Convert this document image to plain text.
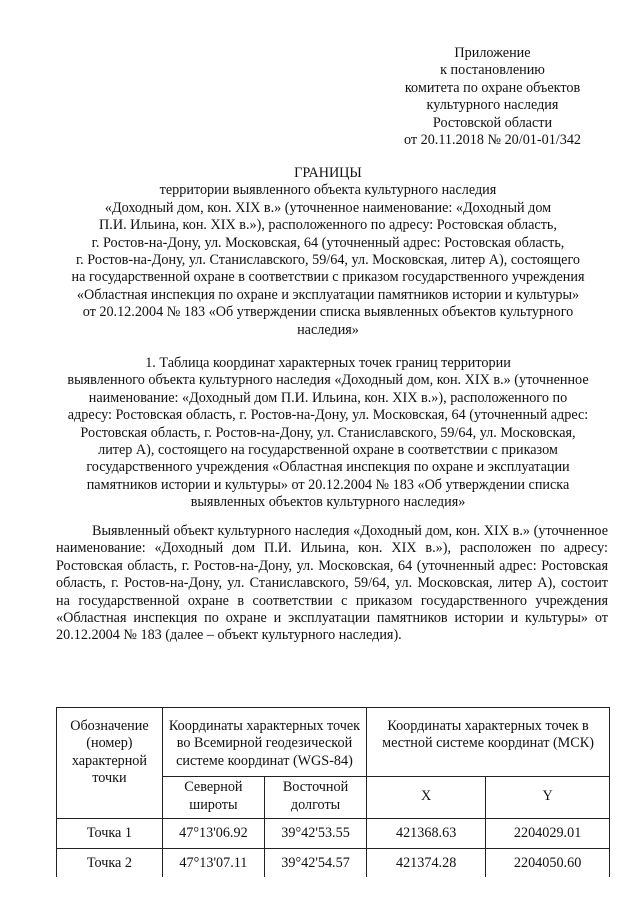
Приложение
к постановлению
комитета по охране объектов
культурного наследия
Ростовской области
от 20.11.2018 № 20/01-01/342
ГРАНИЦЫ
территории выявленного объекта культурного наследия
«Доходный дом, кон. XIX в.» (уточненное наименование: «Доходный дом
П.И. Ильина, кон. XIX в.»), расположенного по адресу: Ростовская область,
г. Ростов-на-Дону, ул. Московская, 64 (уточненный адрес: Ростовская область,
г. Ростов-на-Дону, ул. Станиславского, 59/64, ул. Московская, литер А), состоящего
на государственной охране в соответствии с приказом государственного учреждения
«Областная инспекция по охране и эксплуатации памятников истории и культуры»
от 20.12.2004 № 183 «Об утверждении списка выявленных объектов культурного
наследия»
1. Таблица координат характерных точек границ территории
выявленного объекта культурного наследия «Доходный дом, кон. XIX в.» (уточненное
наименование: «Доходный дом П.И. Ильина, кон. XIX в.»), расположенного по
адресу: Ростовская область, г. Ростов-на-Дону, ул. Московская, 64 (уточненный адрес:
Ростовская область, г. Ростов-на-Дону, ул. Станиславского, 59/64, ул. Московская,
литер А), состоящего на государственной охране в соответствии с приказом
государственного учреждения «Областная инспекция по охране и эксплуатации
памятников истории и культуры» от 20.12.2004 № 183 «Об утверждении списка
выявленных объектов культурного наследия»
Выявленный объект культурного наследия «Доходный дом, кон. XIX в.» (уточненное наименование: «Доходный дом П.И. Ильина, кон. XIX в.»), расположен по адресу: Ростовская область, г. Ростов-на-Дону, ул. Московская, 64 (уточненный адрес: Ростовская область, г. Ростов-на-Дону, ул. Станиславского, 59/64, ул. Московская, литер А), состоит на государственной охране в соответствии с приказом государственного учреждения «Областная инспекция по охране и эксплуатации памятников истории и культуры» от 20.12.2004 № 183 (далее – объект культурного наследия).
Обозначение (номер) характерной точки	Координаты характерных точек во Всемирной геодезической системе координат (WGS-84)		Координаты характерных точек в местной системе координат (МСК)	
	Северной широты	Восточной долготы	X	Y
Точка 1	47°13'06.92	39°42'53.55	421368.63	2204029.01
Точка 2	47°13'07.11	39°42'54.57	421374.28	2204050.60
